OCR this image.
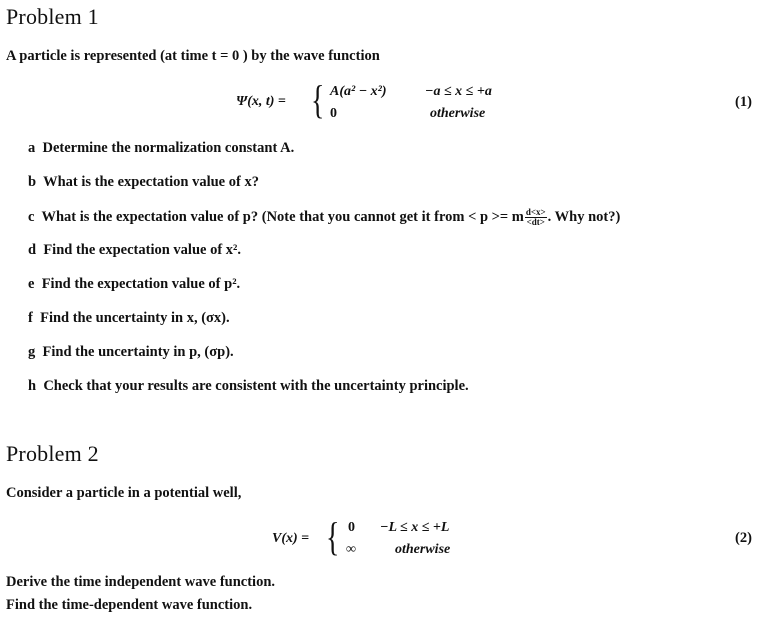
Problem 1
A particle is represented (at time t = 0 ) by the wave function
Ψ(x, t) = { A(a² − x²)	−a ≤ x ≤ +a
0	otherwise
(1)
a Determine the normalization constant A.
b What is the expectation value of x?
c What is the expectation value of p? (Note that you cannot get it from < p >= m $\frac{d<x>}{<dt>}$ . Why not?)
d Find the expectation value of x².
e Find the expectation value of p².
f Find the uncertainty in x, (σx).
g Find the uncertainty in p, (σp).
h Check that your results are consistent with the uncertainty principle.
Problem 2
Consider a particle in a potential well,
V(x) = { 0 −L ≤ x ≤ +L
∞	otherwise
(2)
Derive the time independent wave function.
Find the time-dependent wave function.
